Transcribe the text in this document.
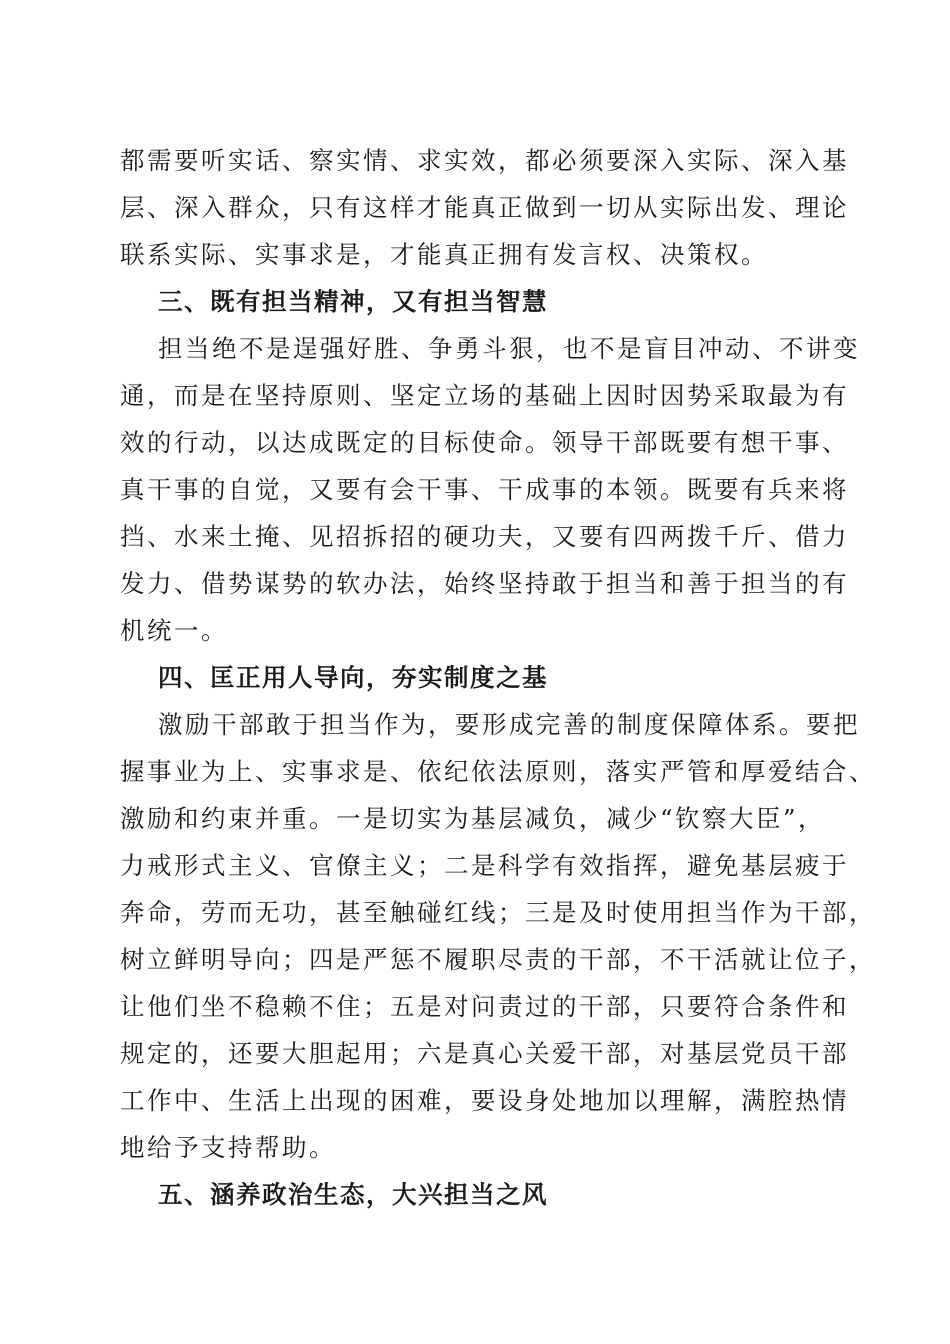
都需要听实话、察实情、求实效，都必须要深入实际、深入基
层、深入群众，只有这样才能真正做到一切从实际出发、理论
联系实际、实事求是，才能真正拥有发言权、决策权。
三、既有担当精神，又有担当智慧
担当绝不是逞强好胜、争勇斗狠，也不是盲目冲动、不讲变
通，而是在坚持原则、坚定立场的基础上因时因势采取最为有
效的行动，以达成既定的目标使命。领导干部既要有想干事、
真干事的自觉，又要有会干事、干成事的本领。既要有兵来将
挡、水来土掩、见招拆招的硬功夫，又要有四两拨千斤、借力
发力、借势谋势的软办法，始终坚持敢于担当和善于担当的有
机统一。
四、匡正用人导向，夯实制度之基
激励干部敢于担当作为，要形成完善的制度保障体系。要把
握事业为上、实事求是、依纪依法原则，落实严管和厚爱结合、
激励和约束并重。一是切实为基层减负，减少“钦察大臣”，
力戒形式主义、官僚主义；二是科学有效指挥，避免基层疲于
奔命，劳而无功，甚至触碰红线；三是及时使用担当作为干部，
树立鲜明导向；四是严惩不履职尽责的干部，不干活就让位子，
让他们坐不稳赖不住；五是对问责过的干部，只要符合条件和
规定的，还要大胆起用；六是真心关爱干部，对基层党员干部
工作中、生活上出现的困难，要设身处地加以理解，满腔热情
地给予支持帮助。
五、涵养政治生态，大兴担当之风
